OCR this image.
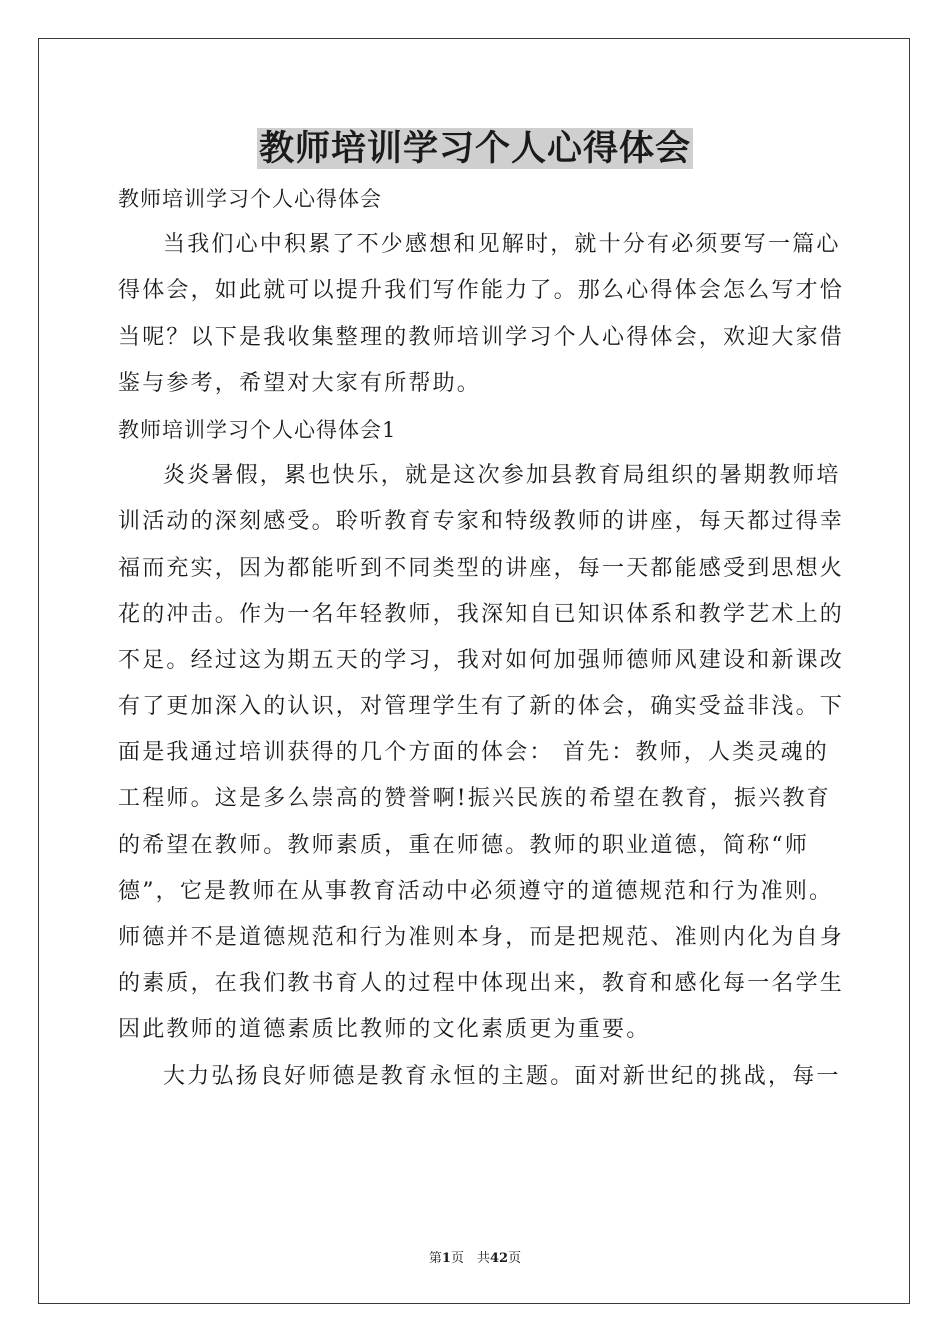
教师培训学习个人心得体会
教师培训学习个人心得体会
当我们心中积累了不少感想和见解时，就十分有必须要写一篇心
得体会，如此就可以提升我们写作能力了。那么心得体会怎么写才恰
当呢？以下是我收集整理的教师培训学习个人心得体会，欢迎大家借
鉴与参考，希望对大家有所帮助。
教师培训学习个人心得体会1
炎炎暑假，累也快乐，就是这次参加县教育局组织的暑期教师培
训活动的深刻感受。聆听教育专家和特级教师的讲座，每天都过得幸
福而充实，因为都能听到不同类型的讲座，每一天都能感受到思想火
花的冲击。作为一名年轻教师，我深知自已知识体系和教学艺术上的
不足。经过这为期五天的学习，我对如何加强师德师风建设和新课改
有了更加深入的认识，对管理学生有了新的体会，确实受益非浅。下
面是我通过培训获得的几个方面的体会： 首先：教师，人类灵魂的
工程师。这是多么崇高的赞誉啊!振兴民族的希望在教育，振兴教育
的希望在教师。教师素质，重在师德。教师的职业道德，简称“师
德”，它是教师在从事教育活动中必须遵守的道德规范和行为准则。
师德并不是道德规范和行为准则本身，而是把规范、准则内化为自身
的素质，在我们教书育人的过程中体现出来，教育和感化每一名学生
因此教师的道德素质比教师的文化素质更为重要。
大力弘扬良好师德是教育永恒的主题。面对新世纪的挑战，每一
第1页　共42页
